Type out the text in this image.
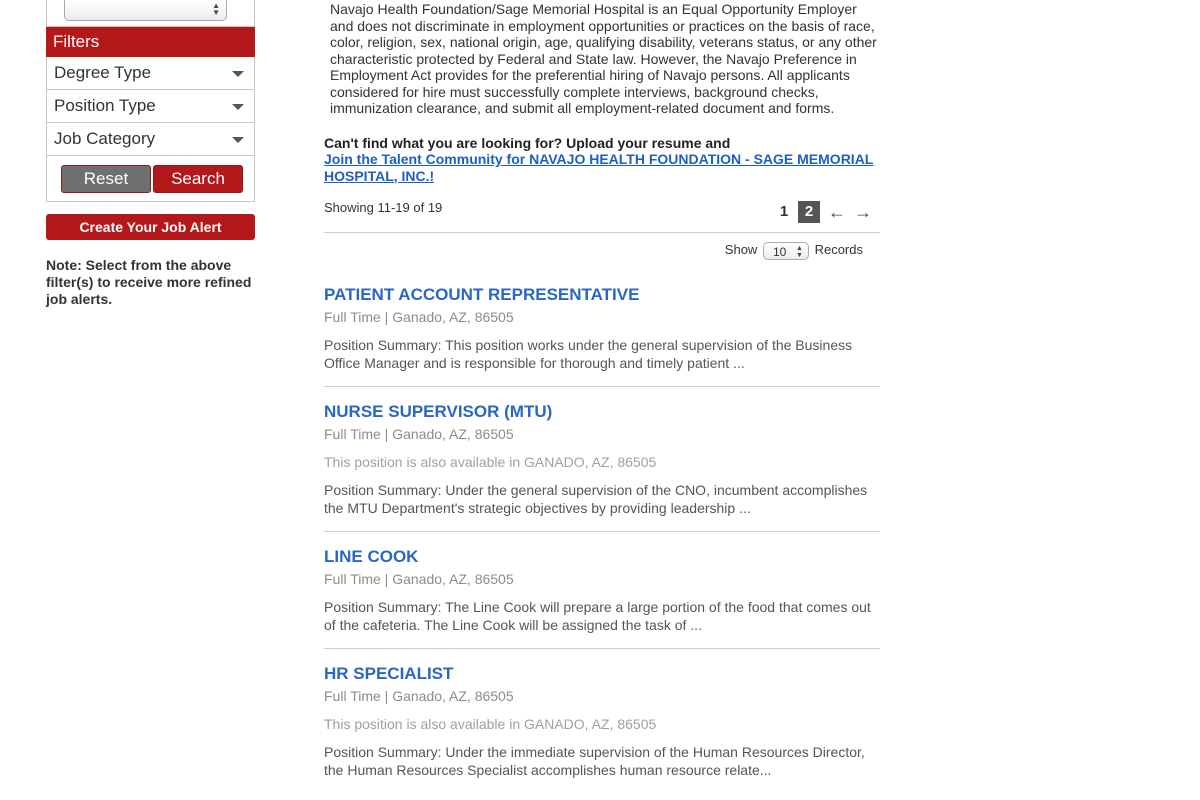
▲
▼
Filters
Degree Type
Position Type
Job Category
Reset	Search
Create Your Job Alert
Note: Select from the above filter(s) to receive more refined job alerts.
Navajo Health Foundation/Sage Memorial Hospital is an Equal Opportunity Employer and does not discriminate in employment opportunities or practices on the basis of race, color, religion, sex, national origin, age, qualifying disability, veterans status, or any other characteristic protected by Federal and State law. However, the Navajo Preference in Employment Act provides for the preferential hiring of Navajo persons. All applicants considered for hire must successfully complete interviews, background checks, immunization clearance, and submit all employment-related document and forms.
Can't find what you are looking for? Upload your resume and
Join the Talent Community for NAVAJO HEALTH FOUNDATION - SAGE MEMORIAL HOSPITAL, INC.!
Showing 11-19 of 19	1	2 ← →
Show 10 ▲
▼ Records
PATIENT ACCOUNT REPRESENTATIVE
Full Time | Ganado, AZ, 86505
Position Summary: This position works under the general supervision of the Business Office Manager and is responsible for thorough and timely patient ...
NURSE SUPERVISOR (MTU)
Full Time | Ganado, AZ, 86505
This position is also available in GANADO, AZ, 86505
Position Summary: Under the general supervision of the CNO, incumbent accomplishes the MTU Department's strategic objectives by providing leadership ...
LINE COOK
Full Time | Ganado, AZ, 86505
Position Summary: The Line Cook will prepare a large portion of the food that comes out of the cafeteria. The Line Cook will be assigned the task of ...
HR SPECIALIST
Full Time | Ganado, AZ, 86505
This position is also available in GANADO, AZ, 86505
Position Summary: Under the immediate supervision of the Human Resources Director, the Human Resources Specialist accomplishes human resource relate...
